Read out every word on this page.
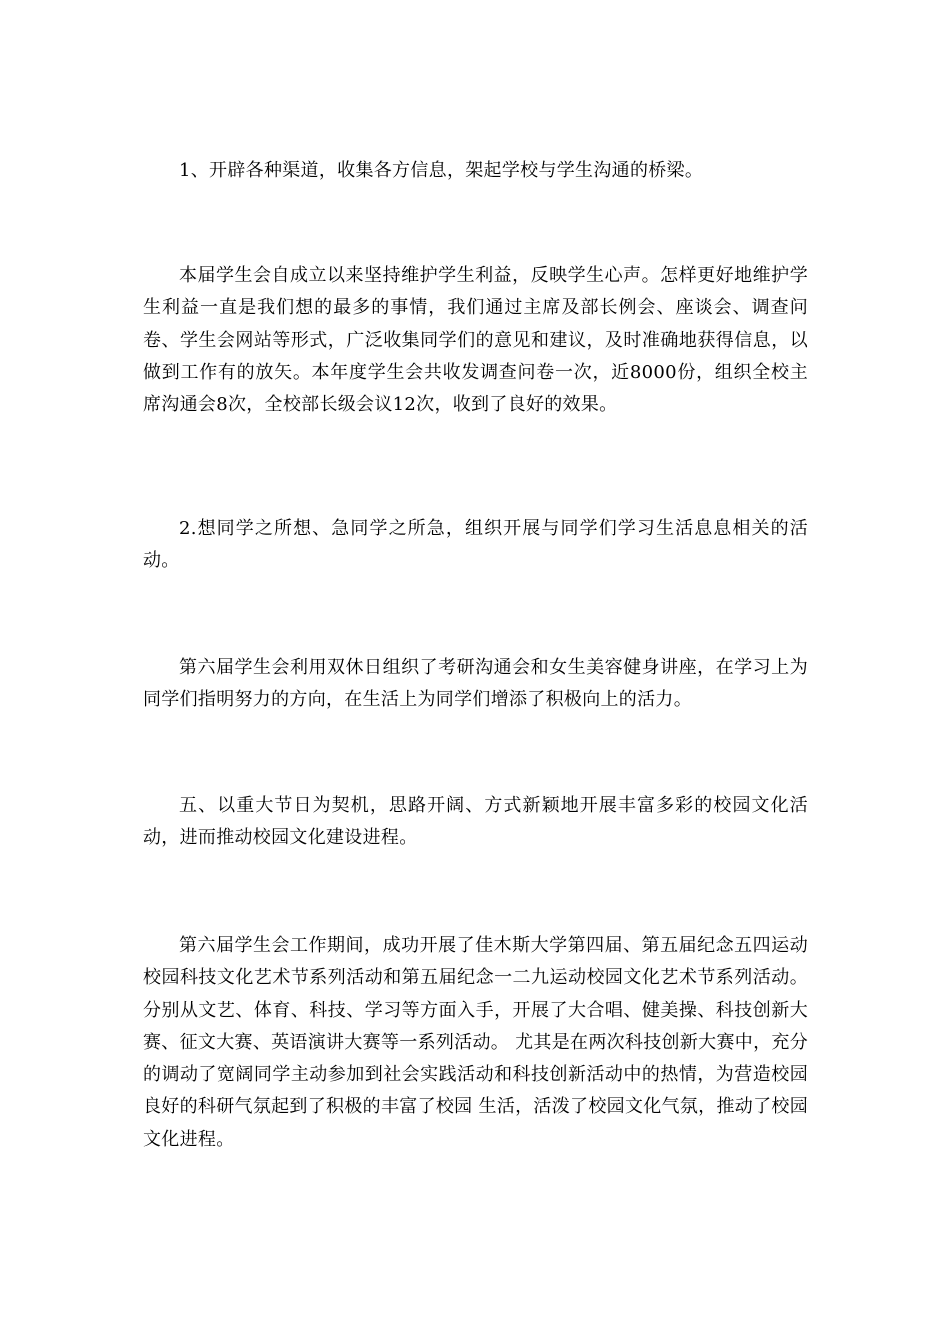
1、开辟各种渠道，收集各方信息，架起学校与学生沟通的桥梁。

本届学生会自成立以来坚持维护学生利益，反映学生心声。怎样更好地维护学生利益一直是我们想的最多的事情，我们通过主席及部长例会、座谈会、调查问卷、学生会网站等形式，广泛收集同学们的意见和建议，及时准确地获得信息，以做到工作有的放矢。本年度学生会共收发调查问卷一次，近8000份，组织全校主席沟通会8次，全校部长级会议12次，收到了良好的效果。

2.想同学之所想、急同学之所急，组织开展与同学们学习生活息息相关的活动。

第六届学生会利用双休日组织了考研沟通会和女生美容健身讲座，在学习上为同学们指明努力的方向，在生活上为同学们增添了积极向上的活力。

五、以重大节日为契机，思路开阔、方式新颖地开展丰富多彩的校园文化活动，进而推动校园文化建设进程。

第六届学生会工作期间，成功开展了佳木斯大学第四届、第五届纪念五四运动校园科技文化艺术节系列活动和第五届纪念一二九运动校园文化艺术节系列活动。分别从文艺、体育、科技、学习等方面入手，开展了大合唱、健美操、科技创新大赛、征文大赛、英语演讲大赛等一系列活动。 尤其是在两次科技创新大赛中，充分的调动了宽阔同学主动参加到社会实践活动和科技创新活动中的热情，为营造校园良好的科研气氛起到了积极的丰富了校园 生活，活泼了校园文化气氛，推动了校园文化进程。
